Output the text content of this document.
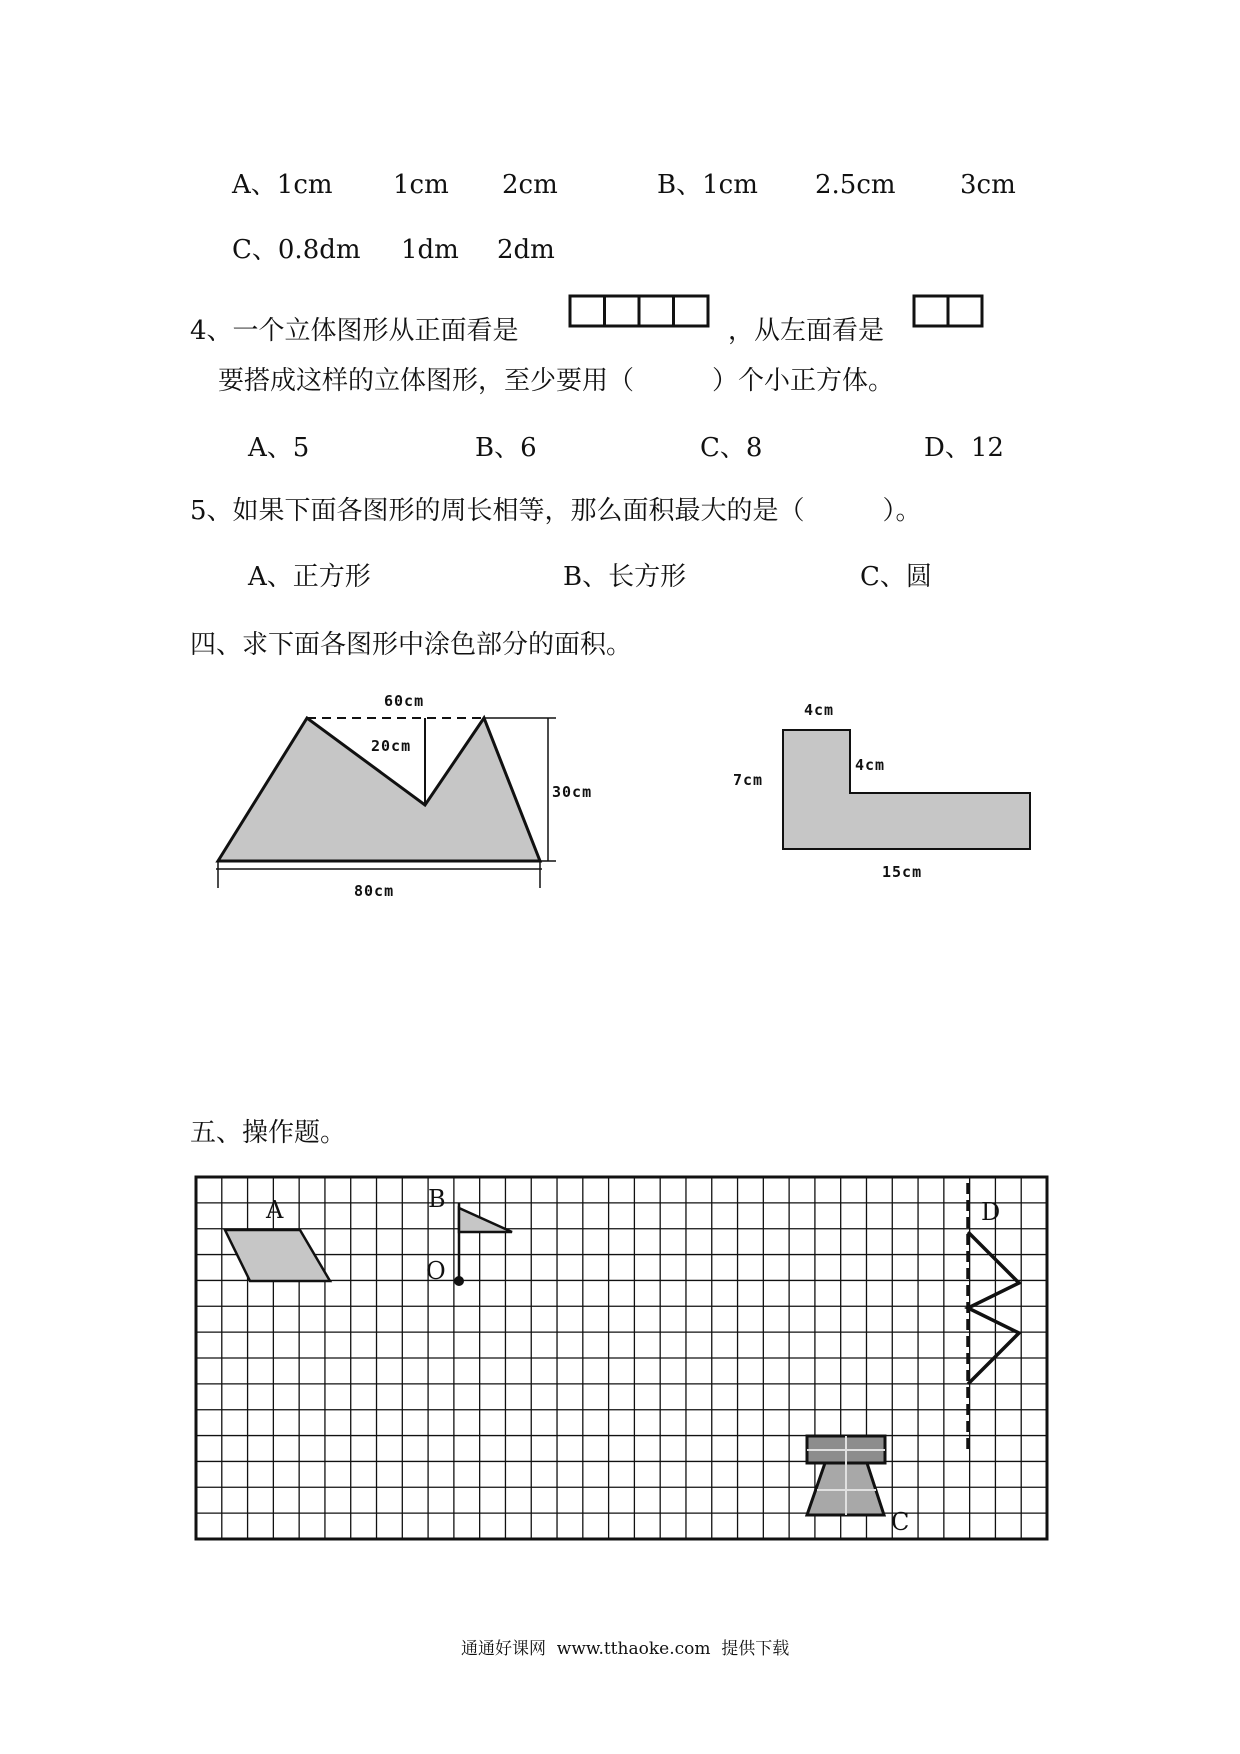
A、1cm 1cm 2cm	B、1cm 2.5cm 3cm
C、0.8dm 1dm 2dm
4、一个立体图形从正面看是	，从左面看是
要搭成这样的立体图形，至少要用（　　　）个小正方体。
A、5	B、6	C、8	D、12
5、如果下面各图形的周长相等，那么面积最大的是（　　　）。
A、正方形	B、长方形	C、圆
四、求下面各图形中涂色部分的面积。
五、操作题。
60cm
20cm
30cm
80cm
4cm
4cm
7cm
15cm
A	B
O
C
D
通通好课网  www.tthaoke.com  提供下载
